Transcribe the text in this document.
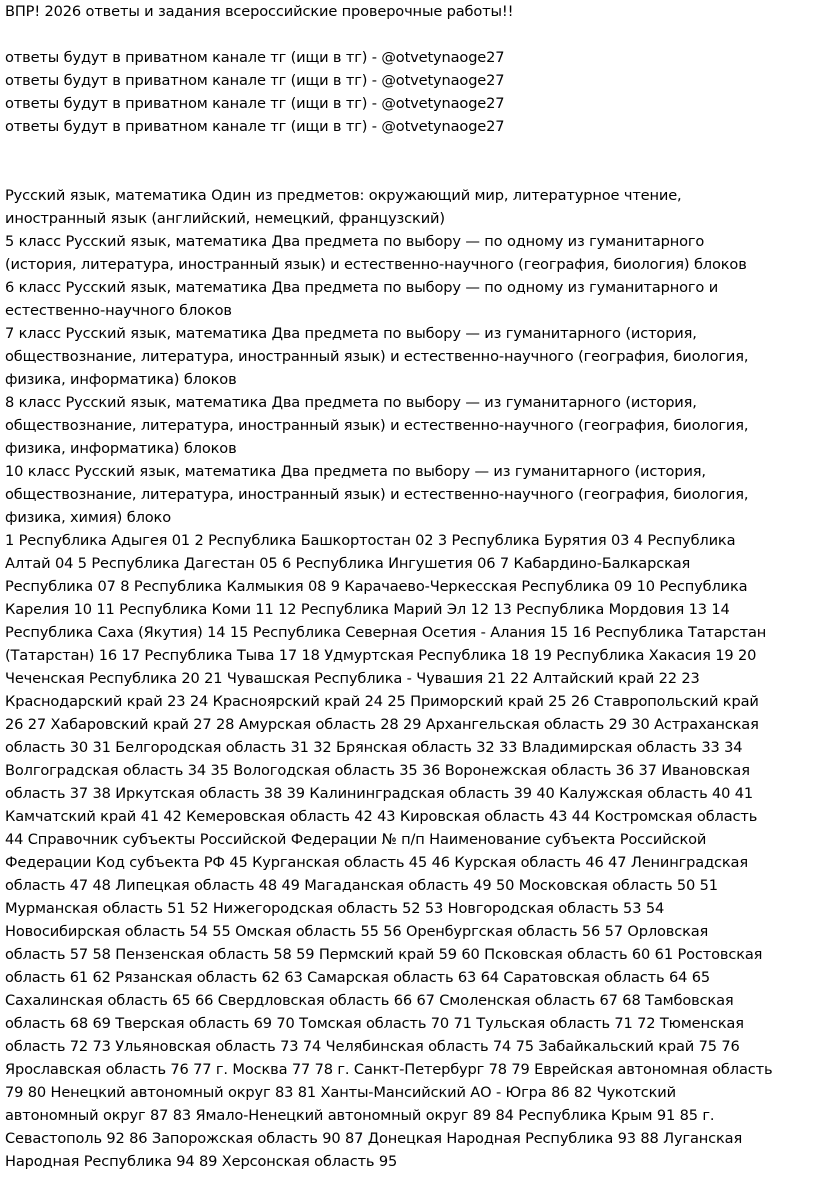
ВПР! 2026 ответы и задания всероссийские проверочные работы!!
ответы будут в приватном канале тг (ищи в тг) - @otvetynaoge27
ответы будут в приватном канале тг (ищи в тг) - @otvetynaoge27
ответы будут в приватном канале тг (ищи в тг) - @otvetynaoge27
ответы будут в приватном канале тг (ищи в тг) - @otvetynaoge27
Русский язык, математика Один из предметов: окружающий мир, литературное чтение,
иностранный язык (английский, немецкий, французский)
5 класс Русский язык, математика Два предмета по выбору — по одному из гуманитарного
(история, литература, иностранный язык) и естественно-научного (география, биология) блоков
6 класс Русский язык, математика Два предмета по выбору — по одному из гуманитарного и
естественно-научного блоков
7 класс Русский язык, математика Два предмета по выбору — из гуманитарного (история,
обществознание, литература, иностранный язык) и естественно-научного (география, биология,
физика, информатика) блоков
8 класс Русский язык, математика Два предмета по выбору — из гуманитарного (история,
обществознание, литература, иностранный язык) и естественно-научного (география, биология,
физика, информатика) блоков
10 класс Русский язык, математика Два предмета по выбору — из гуманитарного (история,
обществознание, литература, иностранный язык) и естественно-научного (география, биология,
физика, химия) блоко
1 Республика Адыгея 01 2 Республика Башкортостан 02 3 Республика Бурятия 03 4 Республика
Алтай 04 5 Республика Дагестан 05 6 Республика Ингушетия 06 7 Кабардино-Балкарская
Республика 07 8 Республика Калмыкия 08 9 Карачаево-Черкесская Республика 09 10 Республика
Карелия 10 11 Республика Коми 11 12 Республика Марий Эл 12 13 Республика Мордовия 13 14
Республика Саха (Якутия) 14 15 Республика Северная Осетия - Алания 15 16 Республика Татарстан
(Татарстан) 16 17 Республика Тыва 17 18 Удмуртская Республика 18 19 Республика Хакасия 19 20
Чеченская Республика 20 21 Чувашская Республика - Чувашия 21 22 Алтайский край 22 23
Краснодарский край 23 24 Красноярский край 24 25 Приморский край 25 26 Ставропольский край
26 27 Хабаровский край 27 28 Амурская область 28 29 Архангельская область 29 30 Астраханская
область 30 31 Белгородская область 31 32 Брянская область 32 33 Владимирская область 33 34
Волгоградская область 34 35 Вологодская область 35 36 Воронежская область 36 37 Ивановская
область 37 38 Иркутская область 38 39 Калининградская область 39 40 Калужская область 40 41
Камчатский край 41 42 Кемеровская область 42 43 Кировская область 43 44 Костромская область
44 Справочник субъекты Российской Федерации № п/п Наименование субъекта Российской
Федерации Код субъекта РФ 45 Курганская область 45 46 Курская область 46 47 Ленинградская
область 47 48 Липецкая область 48 49 Магаданская область 49 50 Московская область 50 51
Мурманская область 51 52 Нижегородская область 52 53 Новгородская область 53 54
Новосибирская область 54 55 Омская область 55 56 Оренбургская область 56 57 Орловская
область 57 58 Пензенская область 58 59 Пермский край 59 60 Псковская область 60 61 Ростовская
область 61 62 Рязанская область 62 63 Самарская область 63 64 Саратовская область 64 65
Сахалинская область 65 66 Свердловская область 66 67 Смоленская область 67 68 Тамбовская
область 68 69 Тверская область 69 70 Томская область 70 71 Тульская область 71 72 Тюменская
область 72 73 Ульяновская область 73 74 Челябинская область 74 75 Забайкальский край 75 76
Ярославская область 76 77 г. Москва 77 78 г. Санкт-Петербург 78 79 Еврейская автономная область
79 80 Ненецкий автономный округ 83 81 Ханты-Мансийский АО - Югра 86 82 Чукотский
автономный округ 87 83 Ямало-Ненецкий автономный округ 89 84 Республика Крым 91 85 г.
Севастополь 92 86 Запорожская область 90 87 Донецкая Народная Республика 93 88 Луганская
Народная Республика 94 89 Херсонская область 95
